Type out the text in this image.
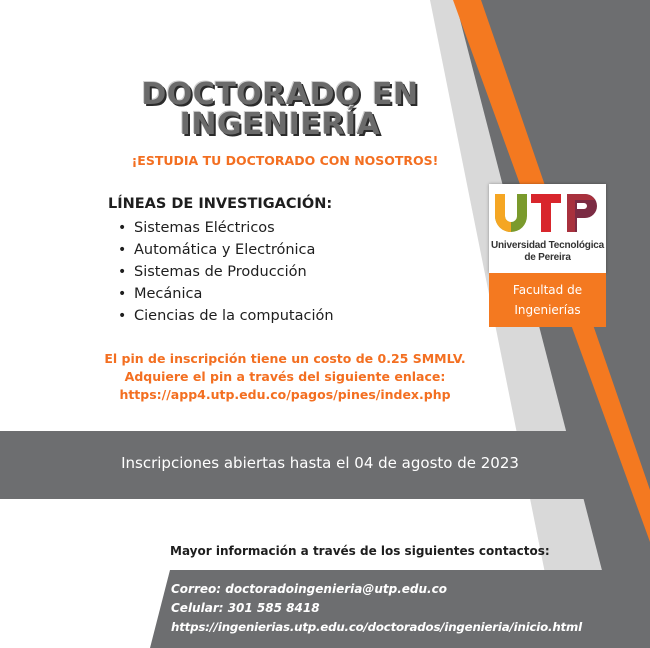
DOCTORADO EN
INGENIERÍA
¡ESTUDIA TU DOCTORADO CON NOSOTROS!
LÍNEAS DE INVESTIGACIÓN:
• Sistemas Eléctricos
• Automática y Electrónica
• Sistemas de Producción
• Mecánica
• Ciencias de la computación
Universidad Tecnológica
de Pereira
Facultad de
Ingenierías
El pin de inscripción tiene un costo de 0.25 SMMLV.
Adquiere el pin a través del siguiente enlace:
https://app4.utp.edu.co/pagos/pines/index.php
Inscripciones abiertas hasta el 04 de agosto de 2023
Mayor información a través de los siguientes contactos:
Correo: doctoradoingenieria@utp.edu.co
Celular: 301 585 8418
https://ingenierias.utp.edu.co/doctorados/ingenieria/inicio.html
